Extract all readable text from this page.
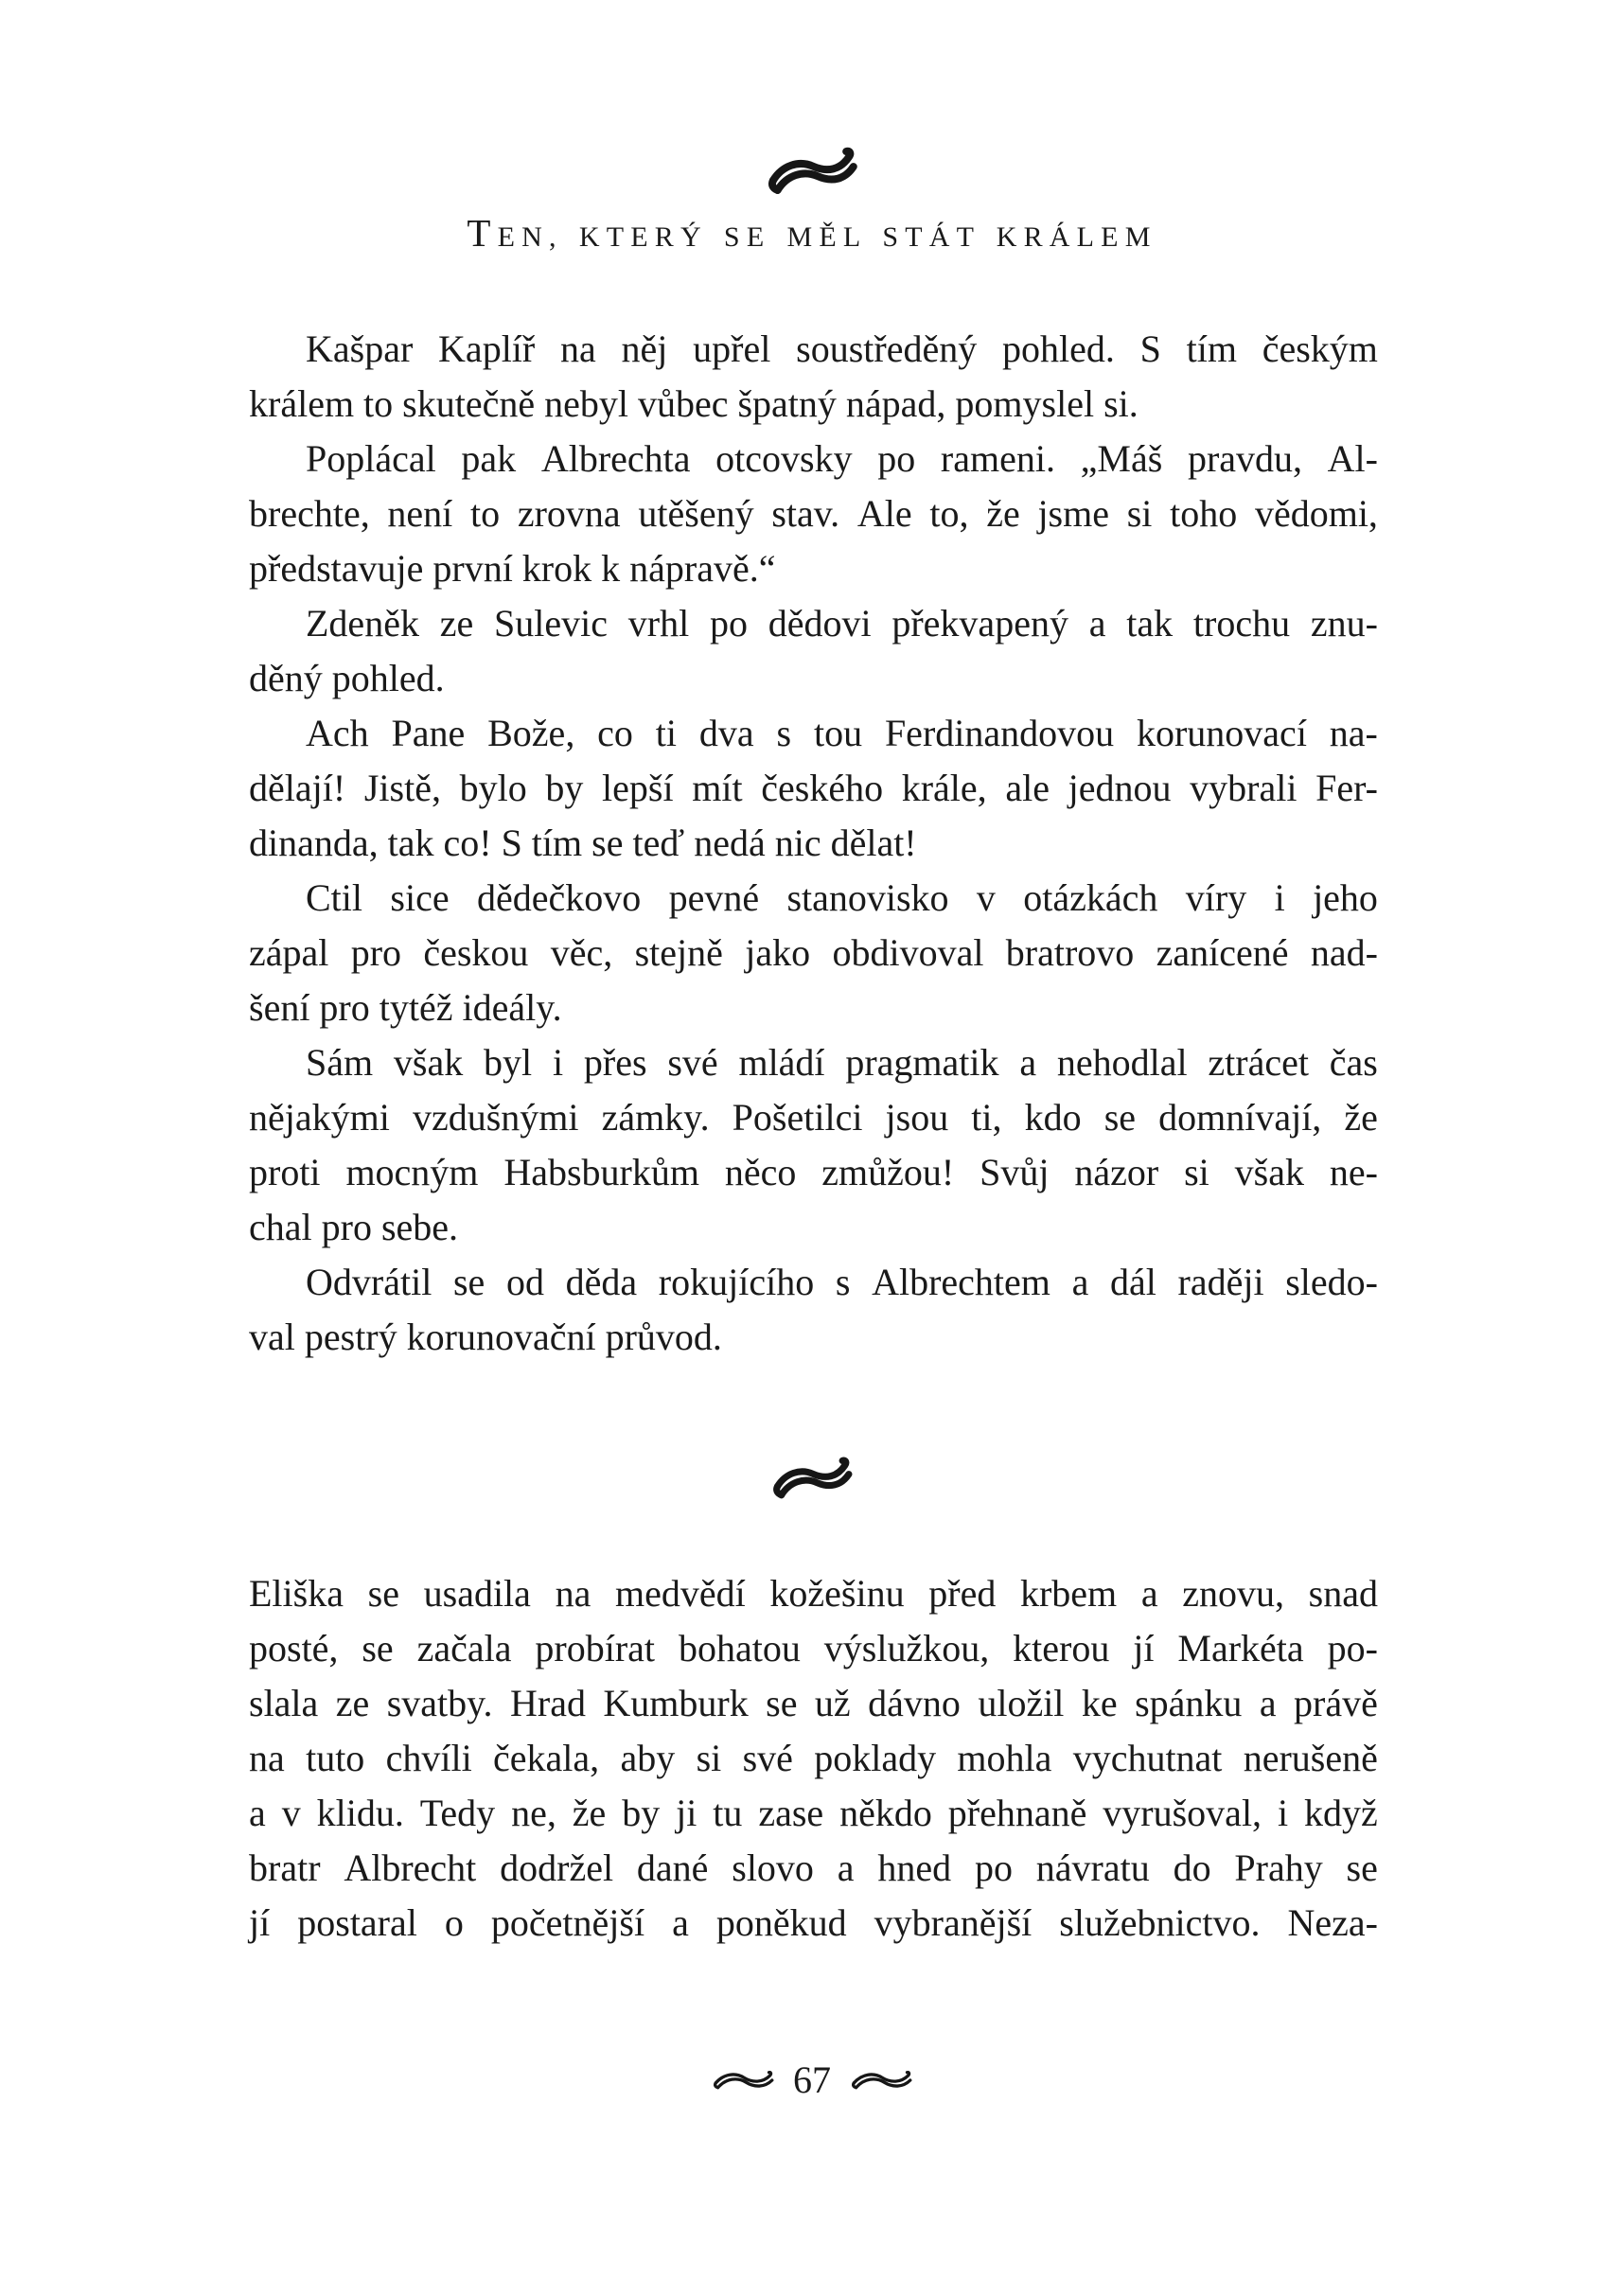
TEN, KTERÝ SE MĚL STÁT KRÁLEM
Kašpar Kaplíř na něj upřel soustředěný pohled. S tím českým
králem to skutečně nebyl vůbec špatný nápad, pomyslel si.
Poplácal pak Albrechta otcovsky po rameni. „Máš pravdu, Al-
brechte, není to zrovna utěšený stav. Ale to, že jsme si toho vědomi,
představuje první krok k nápravě.“
Zdeněk ze Sulevic vrhl po dědovi překvapený a tak trochu znu-
děný pohled.
Ach Pane Bože, co ti dva s tou Ferdinandovou korunovací na-
dělají! Jistě, bylo by lepší mít českého krále, ale jednou vybrali Fer-
dinanda, tak co! S tím se teď nedá nic dělat!
Ctil sice dědečkovo pevné stanovisko v otázkách víry i jeho
zápal pro českou věc, stejně jako obdivoval bratrovo zanícené nad-
šení pro tytéž ideály.
Sám však byl i přes své mládí pragmatik a nehodlal ztrácet čas
nějakými vzdušnými zámky. Pošetilci jsou ti, kdo se domnívají, že
proti mocným Habsburkům něco zmůžou! Svůj názor si však ne-
chal pro sebe.
Odvrátil se od děda rokujícího s Albrechtem a dál raději sledo-
val pestrý korunovační průvod.
Eliška se usadila na medvědí kožešinu před krbem a znovu, snad
posté, se začala probírat bohatou výslužkou, kterou jí Markéta po-
slala ze svatby. Hrad Kumburk se už dávno uložil ke spánku a právě
na tuto chvíli čekala, aby si své poklady mohla vychutnat nerušeně
a v klidu. Tedy ne, že by ji tu zase někdo přehnaně vyrušoval, i když
bratr Albrecht dodržel dané slovo a hned po návratu do Prahy se
jí postaral o početnější a poněkud vybranější služebnictvo. Neza-
67
